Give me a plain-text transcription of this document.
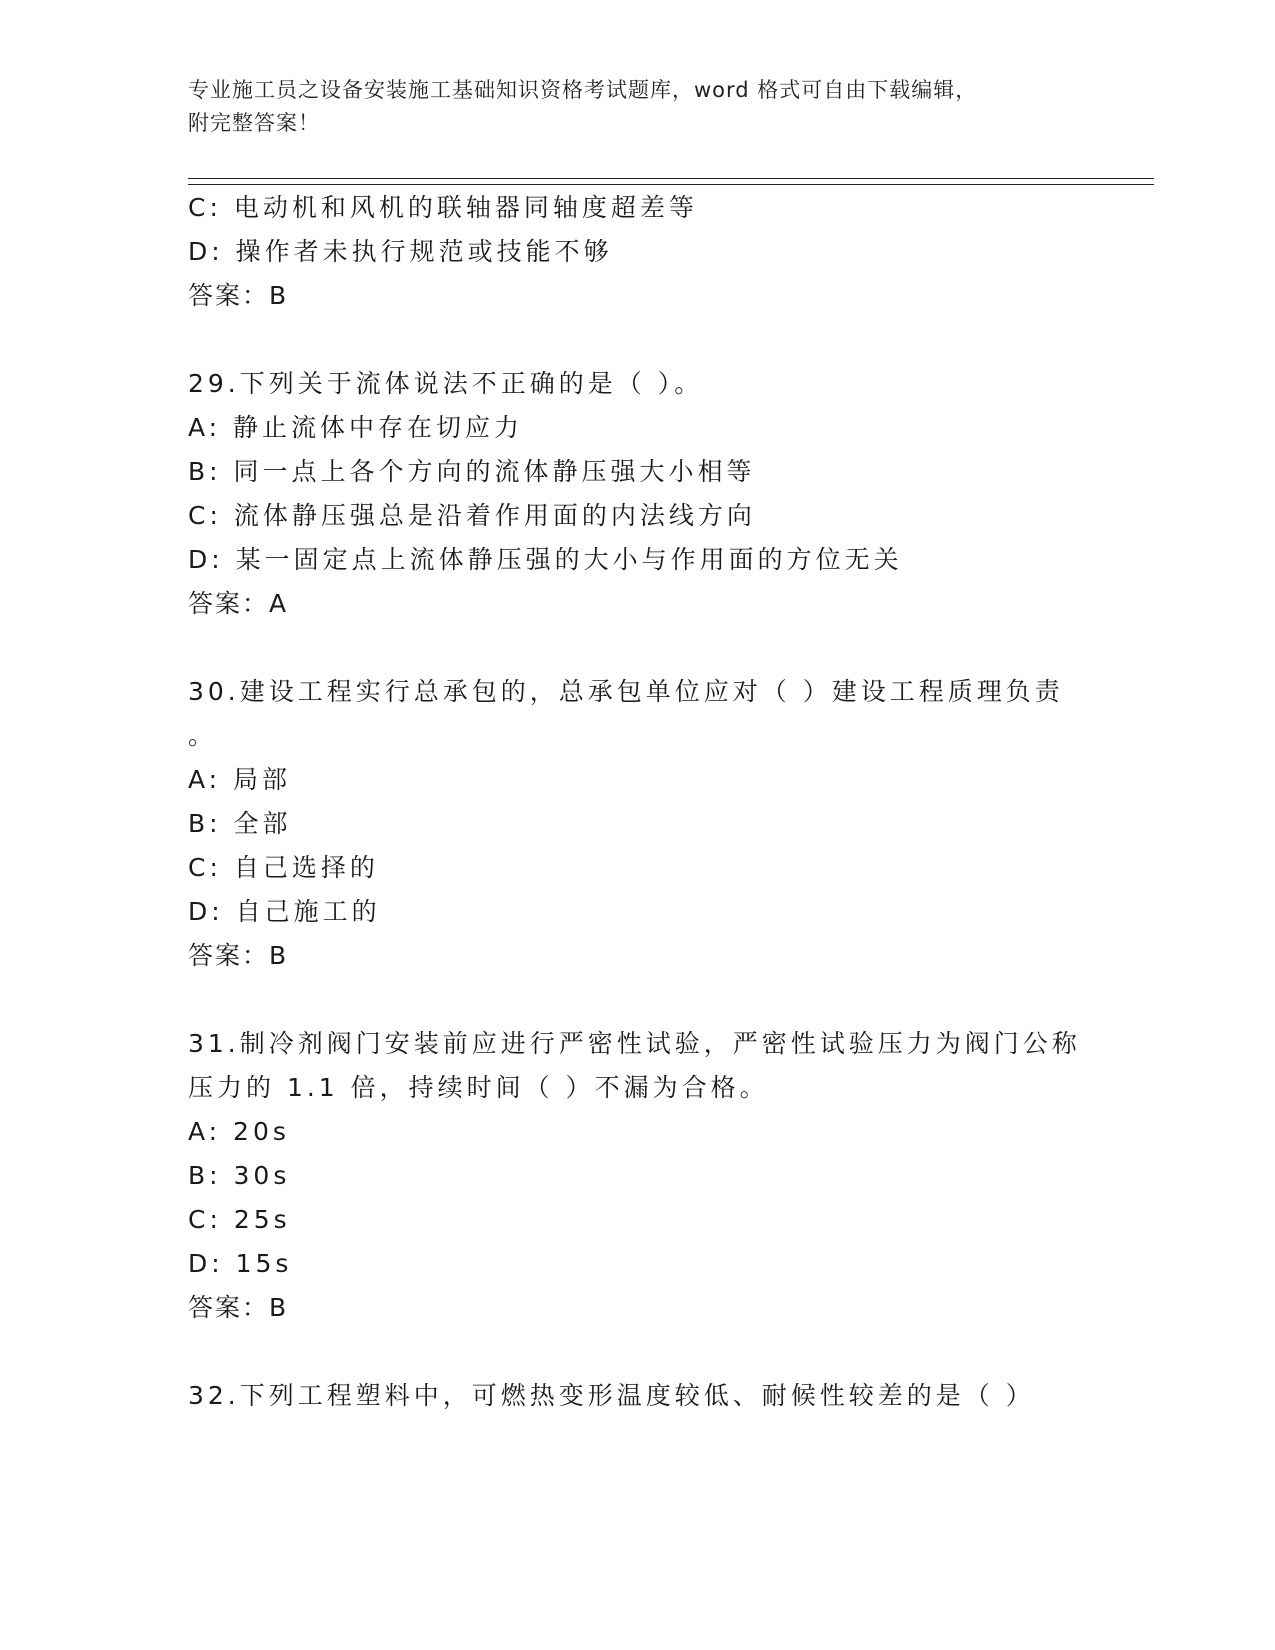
专业施工员之设备安装施工基础知识资格考试题库，word 格式可自由下载编辑，
附完整答案！
C: 电动机和风机的联轴器同轴度超差等
D: 操作者未执行规范或技能不够
答案：B
29.下列关于流体说法不正确的是（ ）。
A: 静止流体中存在切应力
B: 同一点上各个方向的流体静压强大小相等
C: 流体静压强总是沿着作用面的内法线方向
D: 某一固定点上流体静压强的大小与作用面的方位无关
答案：A
30.建设工程实行总承包的，总承包单位应对（ ）建设工程质理负责
。
A: 局部
B: 全部
C: 自己选择的
D: 自己施工的
答案：B
31.制冷剂阀门安装前应进行严密性试验，严密性试验压力为阀门公称
压力的 1.1 倍，持续时间（ ）不漏为合格。
A: 20s
B: 30s
C: 25s
D: 15s
答案：B
32.下列工程塑料中，可燃热变形温度较低、耐候性较差的是（ ）
